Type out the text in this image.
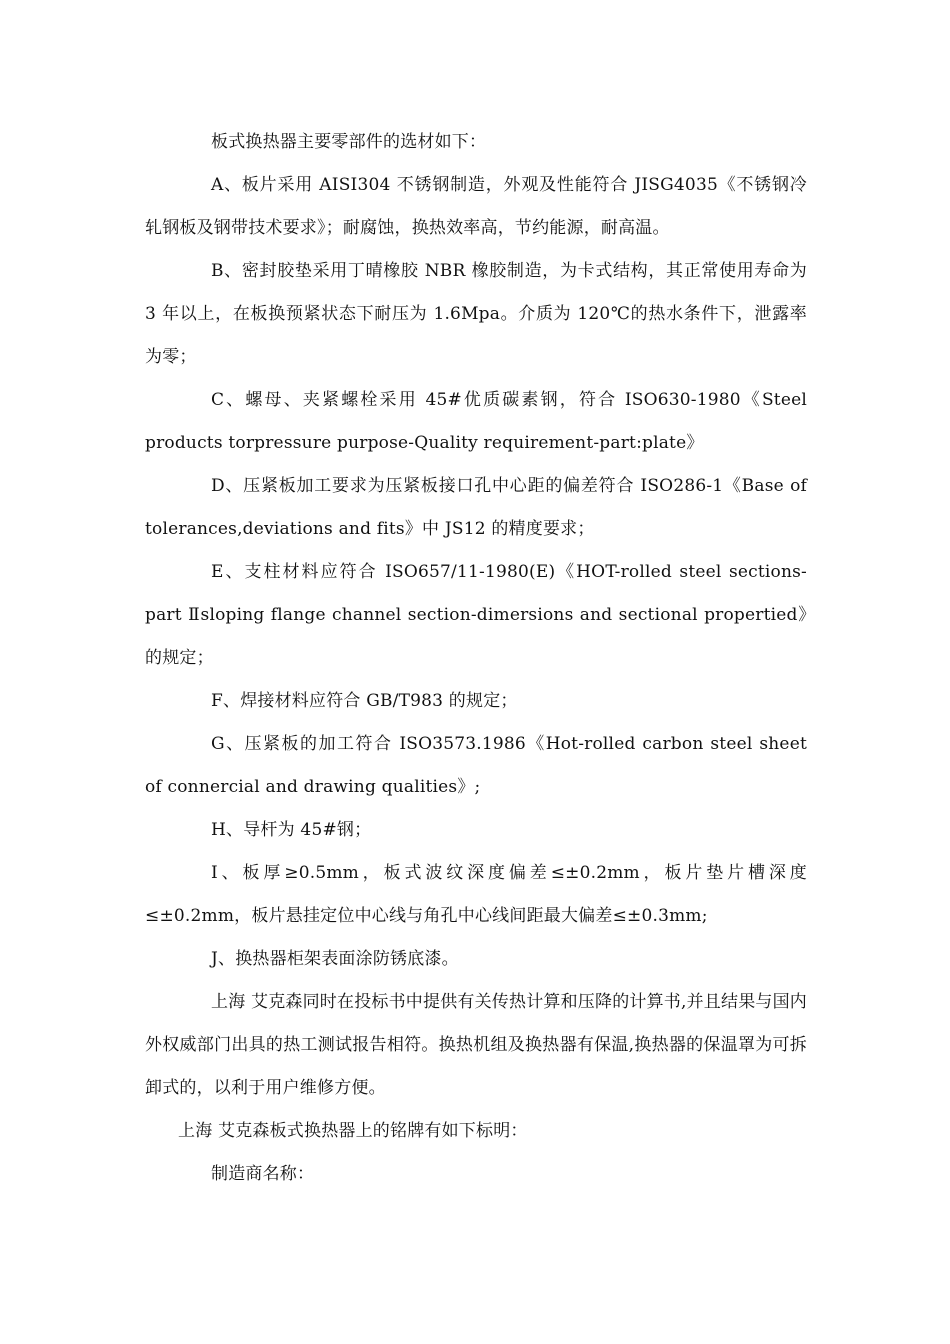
板式换热器主要零部件的选材如下：

A、板片采用 AISI304 不锈钢制造，外观及性能符合 JISG4035《不锈钢冷轧钢板及钢带技术要求》；耐腐蚀，换热效率高，节约能源，耐高温。

B、密封胶垫采用丁晴橡胶 NBR 橡胶制造，为卡式结构，其正常使用寿命为 3 年以上，在板换预紧状态下耐压为 1.6Mpa。介质为 120℃的热水条件下，泄露率为零；

C、螺母、夹紧螺栓采用 45#优质碳素钢，符合 ISO630-1980《Steel products torpressure purpose-Quality requirement-part:plate》

D、压紧板加工要求为压紧板接口孔中心距的偏差符合 ISO286-1《Base of tolerances,deviations and fits》中 JS12 的精度要求；

E、支柱材料应符合 ISO657/11-1980(E)《HOT-rolled steel sections-part Ⅱsloping flange channel section-dimersions and sectional propertied》的规定；

F、焊接材料应符合 GB/T983 的规定；

G、压紧板的加工符合 ISO3573.1986《Hot-rolled carbon steel sheet of connercial and drawing qualities》;

H、导杆为 45#钢；

I、板厚≥0.5mm，板式波纹深度偏差≤±0.2mm，板片垫片槽深度≤±0.2mm，板片悬挂定位中心线与角孔中心线间距最大偏差≤±0.3mm;

J、换热器柜架表面涂防锈底漆。

上海 艾克森同时在投标书中提供有关传热计算和压降的计算书,并且结果与国内外权威部门出具的热工测试报告相符。换热机组及换热器有保温,换热器的保温罩为可拆卸式的，以利于用户维修方便。

上海 艾克森板式换热器上的铭牌有如下标明：

制造商名称：
